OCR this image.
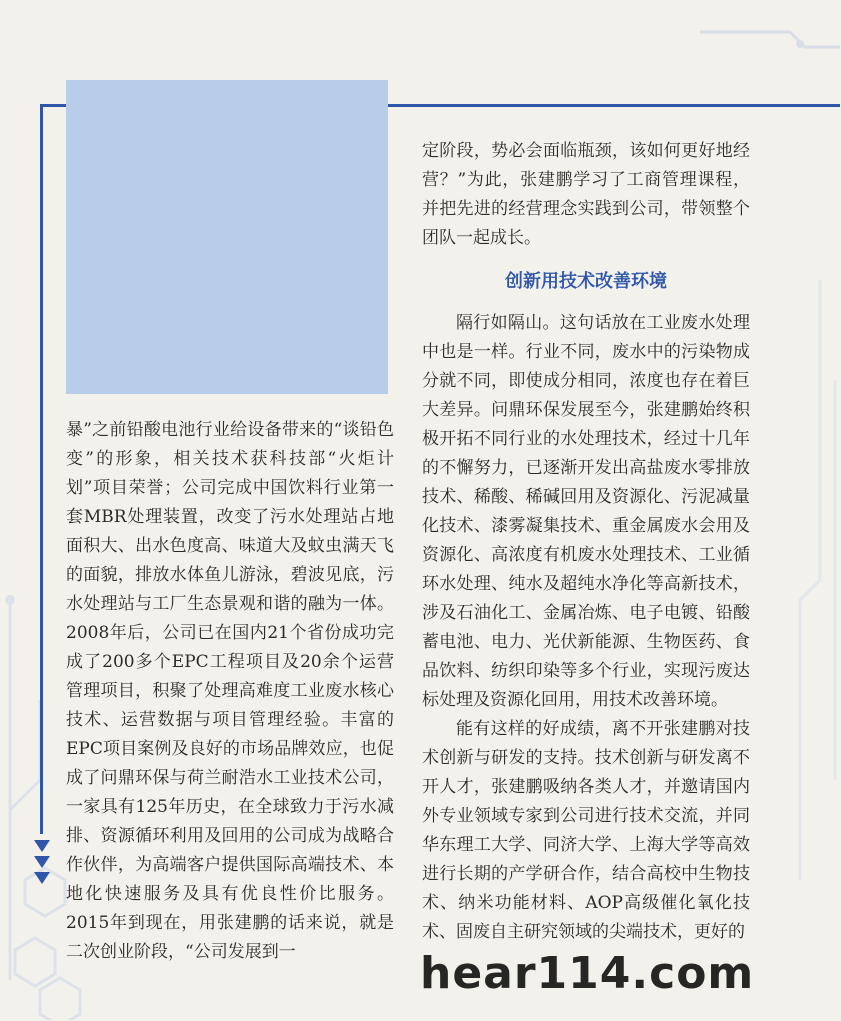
暴”之前铅酸电池行业给设备带来的“谈铅色变”的形象，相关技术获科技部“火炬计划”项目荣誉；公司完成中国饮料行业第一套MBR处理装置，改变了污水处理站占地面积大、出水色度高、味道大及蚊虫满天飞的面貌，排放水体鱼儿游泳，碧波见底，污水处理站与工厂生态景观和谐的融为一体。2008年后，公司已在国内21个省份成功完成了200多个EPC工程项目及20余个运营管理项目，积聚了处理高难度工业废水核心技术、运营数据与项目管理经验。丰富的EPC项目案例及良好的市场品牌效应，也促成了问鼎环保与荷兰耐浩水工业技术公司，一家具有125年历史，在全球致力于污水减排、资源循环利用及回用的公司成为战略合作伙伴，为高端客户提供国际高端技术、本地化快速服务及具有优良性价比服务。2015年到现在，用张建鹏的话来说，就是二次创业阶段，“公司发展到一

定阶段，势必会面临瓶颈，该如何更好地经营？”为此，张建鹏学习了工商管理课程，并把先进的经营理念实践到公司，带领整个团队一起成长。

创新用技术改善环境

隔行如隔山。这句话放在工业废水处理中也是一样。行业不同，废水中的污染物成分就不同，即使成分相同，浓度也存在着巨大差异。问鼎环保发展至今，张建鹏始终积极开拓不同行业的水处理技术，经过十几年的不懈努力，已逐渐开发出高盐废水零排放技术、稀酸、稀碱回用及资源化、污泥减量化技术、漆雾凝集技术、重金属废水会用及资源化、高浓度有机废水处理技术、工业循环水处理、纯水及超纯水净化等高新技术，涉及石油化工、金属冶炼、电子电镀、铅酸蓄电池、电力、光伏新能源、生物医药、食品饮料、纺织印染等多个行业，实现污废达标处理及资源化回用，用技术改善环境。

能有这样的好成绩，离不开张建鹏对技术创新与研发的支持。技术创新与研发离不开人才，张建鹏吸纳各类人才，并邀请国内外专业领域专家到公司进行技术交流，并同华东理工大学、同济大学、上海大学等高效进行长期的产学研合作，结合高校中生物技术、纳米功能材料、AOP高级催化氧化技术、固废自主研究领域的尖端技术，更好的

hear114.com
